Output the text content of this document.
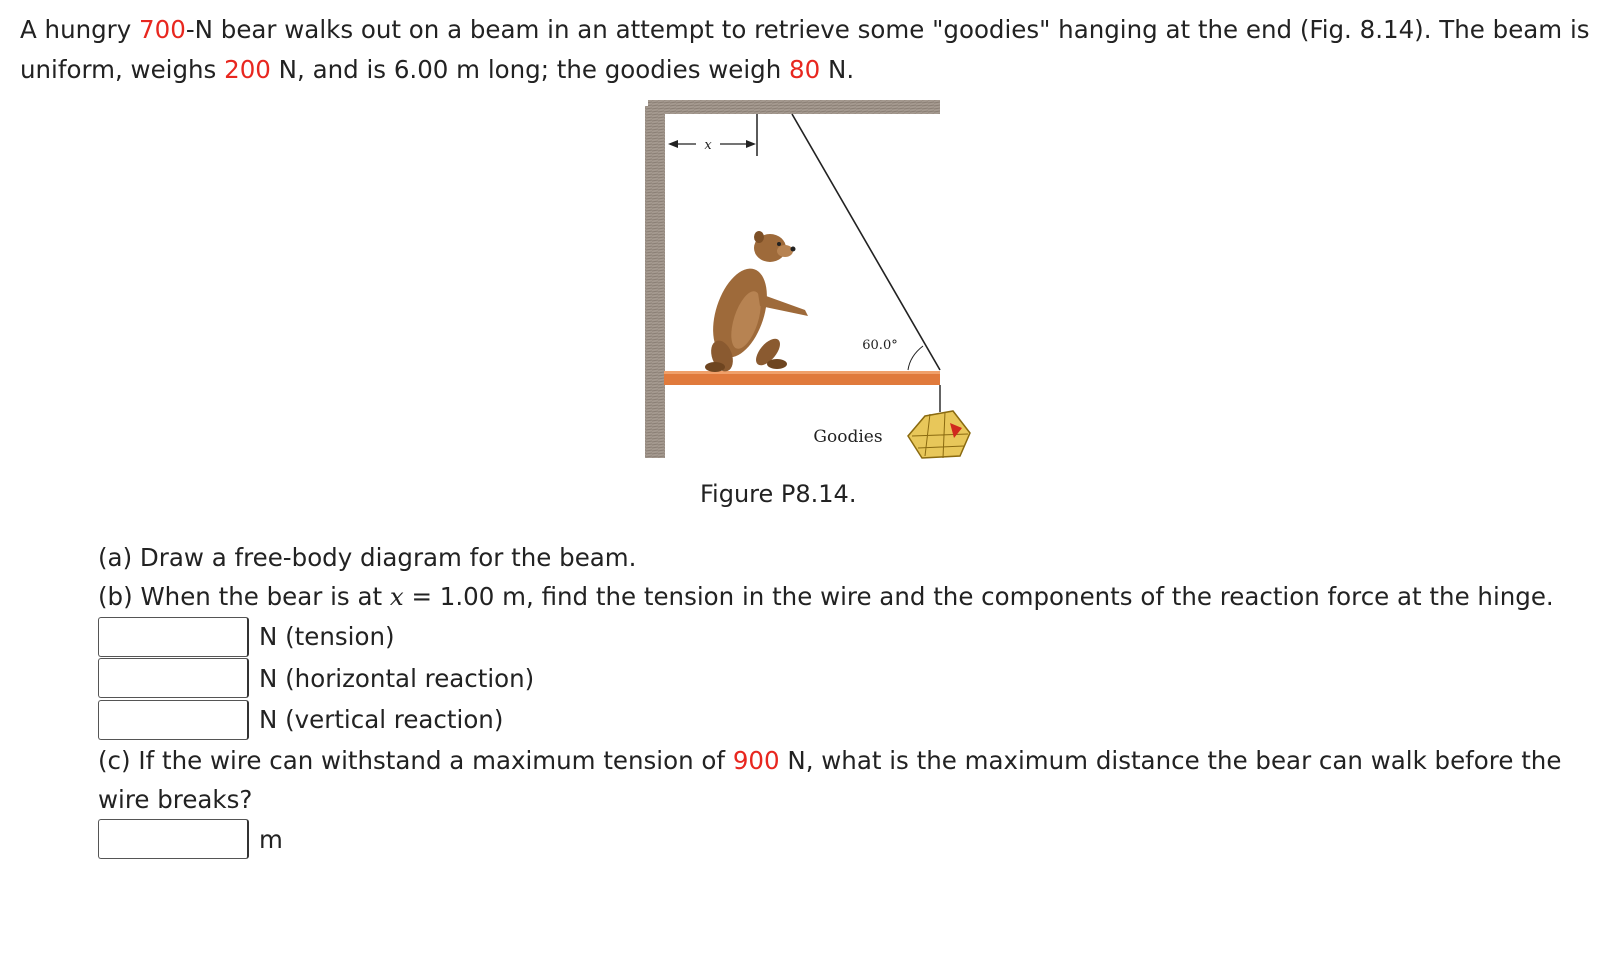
A hungry 700-N bear walks out on a beam in an attempt to retrieve some "goodies" hanging at the end (Fig. 8.14). The beam is uniform, weighs 200 N, and is 6.00 m long; the goodies weigh 80 N.
x
60.0°
Goodies
Figure P8.14.
(a) Draw a free-body diagram for the beam.
(b) When the bear is at x = 1.00 m, find the tension in the wire and the components of the reaction force at the hinge.
N (tension)
N (horizontal reaction)
N (vertical reaction)
(c) If the wire can withstand a maximum tension of 900 N, what is the maximum distance the bear can walk before the wire breaks?
m
